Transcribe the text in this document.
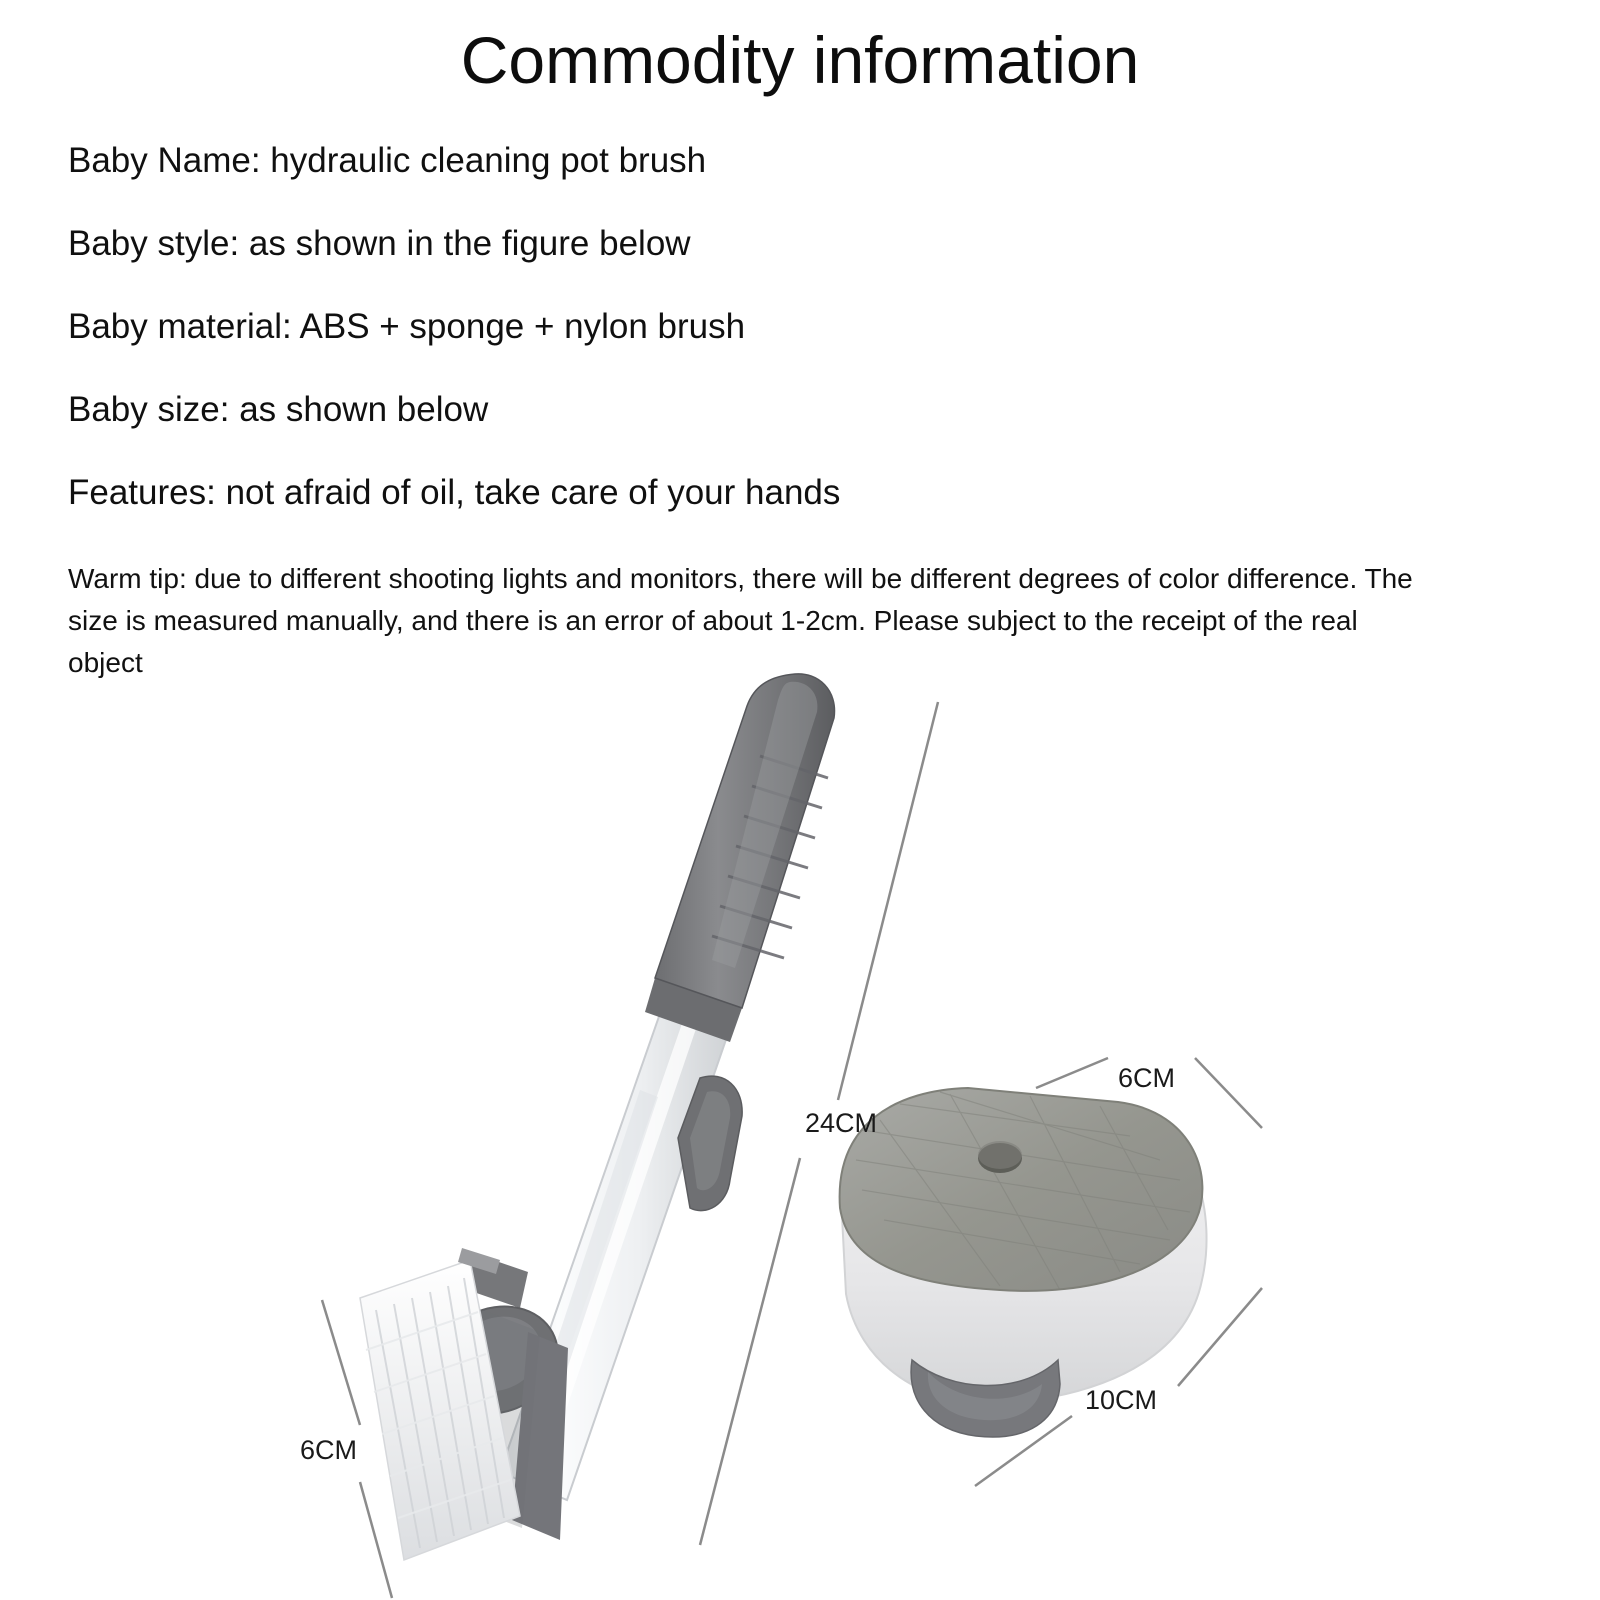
Commodity information
Baby Name: hydraulic cleaning pot brush
Baby style: as shown in the figure below
Baby material: ABS + sponge + nylon brush
Baby size: as shown below
Features: not afraid of oil, take care of your hands
Warm tip: due to different shooting lights and monitors, there will be different degrees of color difference. The size is measured manually, and there is an error of about 1-2cm. Please subject to the receipt of the real object
24CM
6CM
6CM
10CM
